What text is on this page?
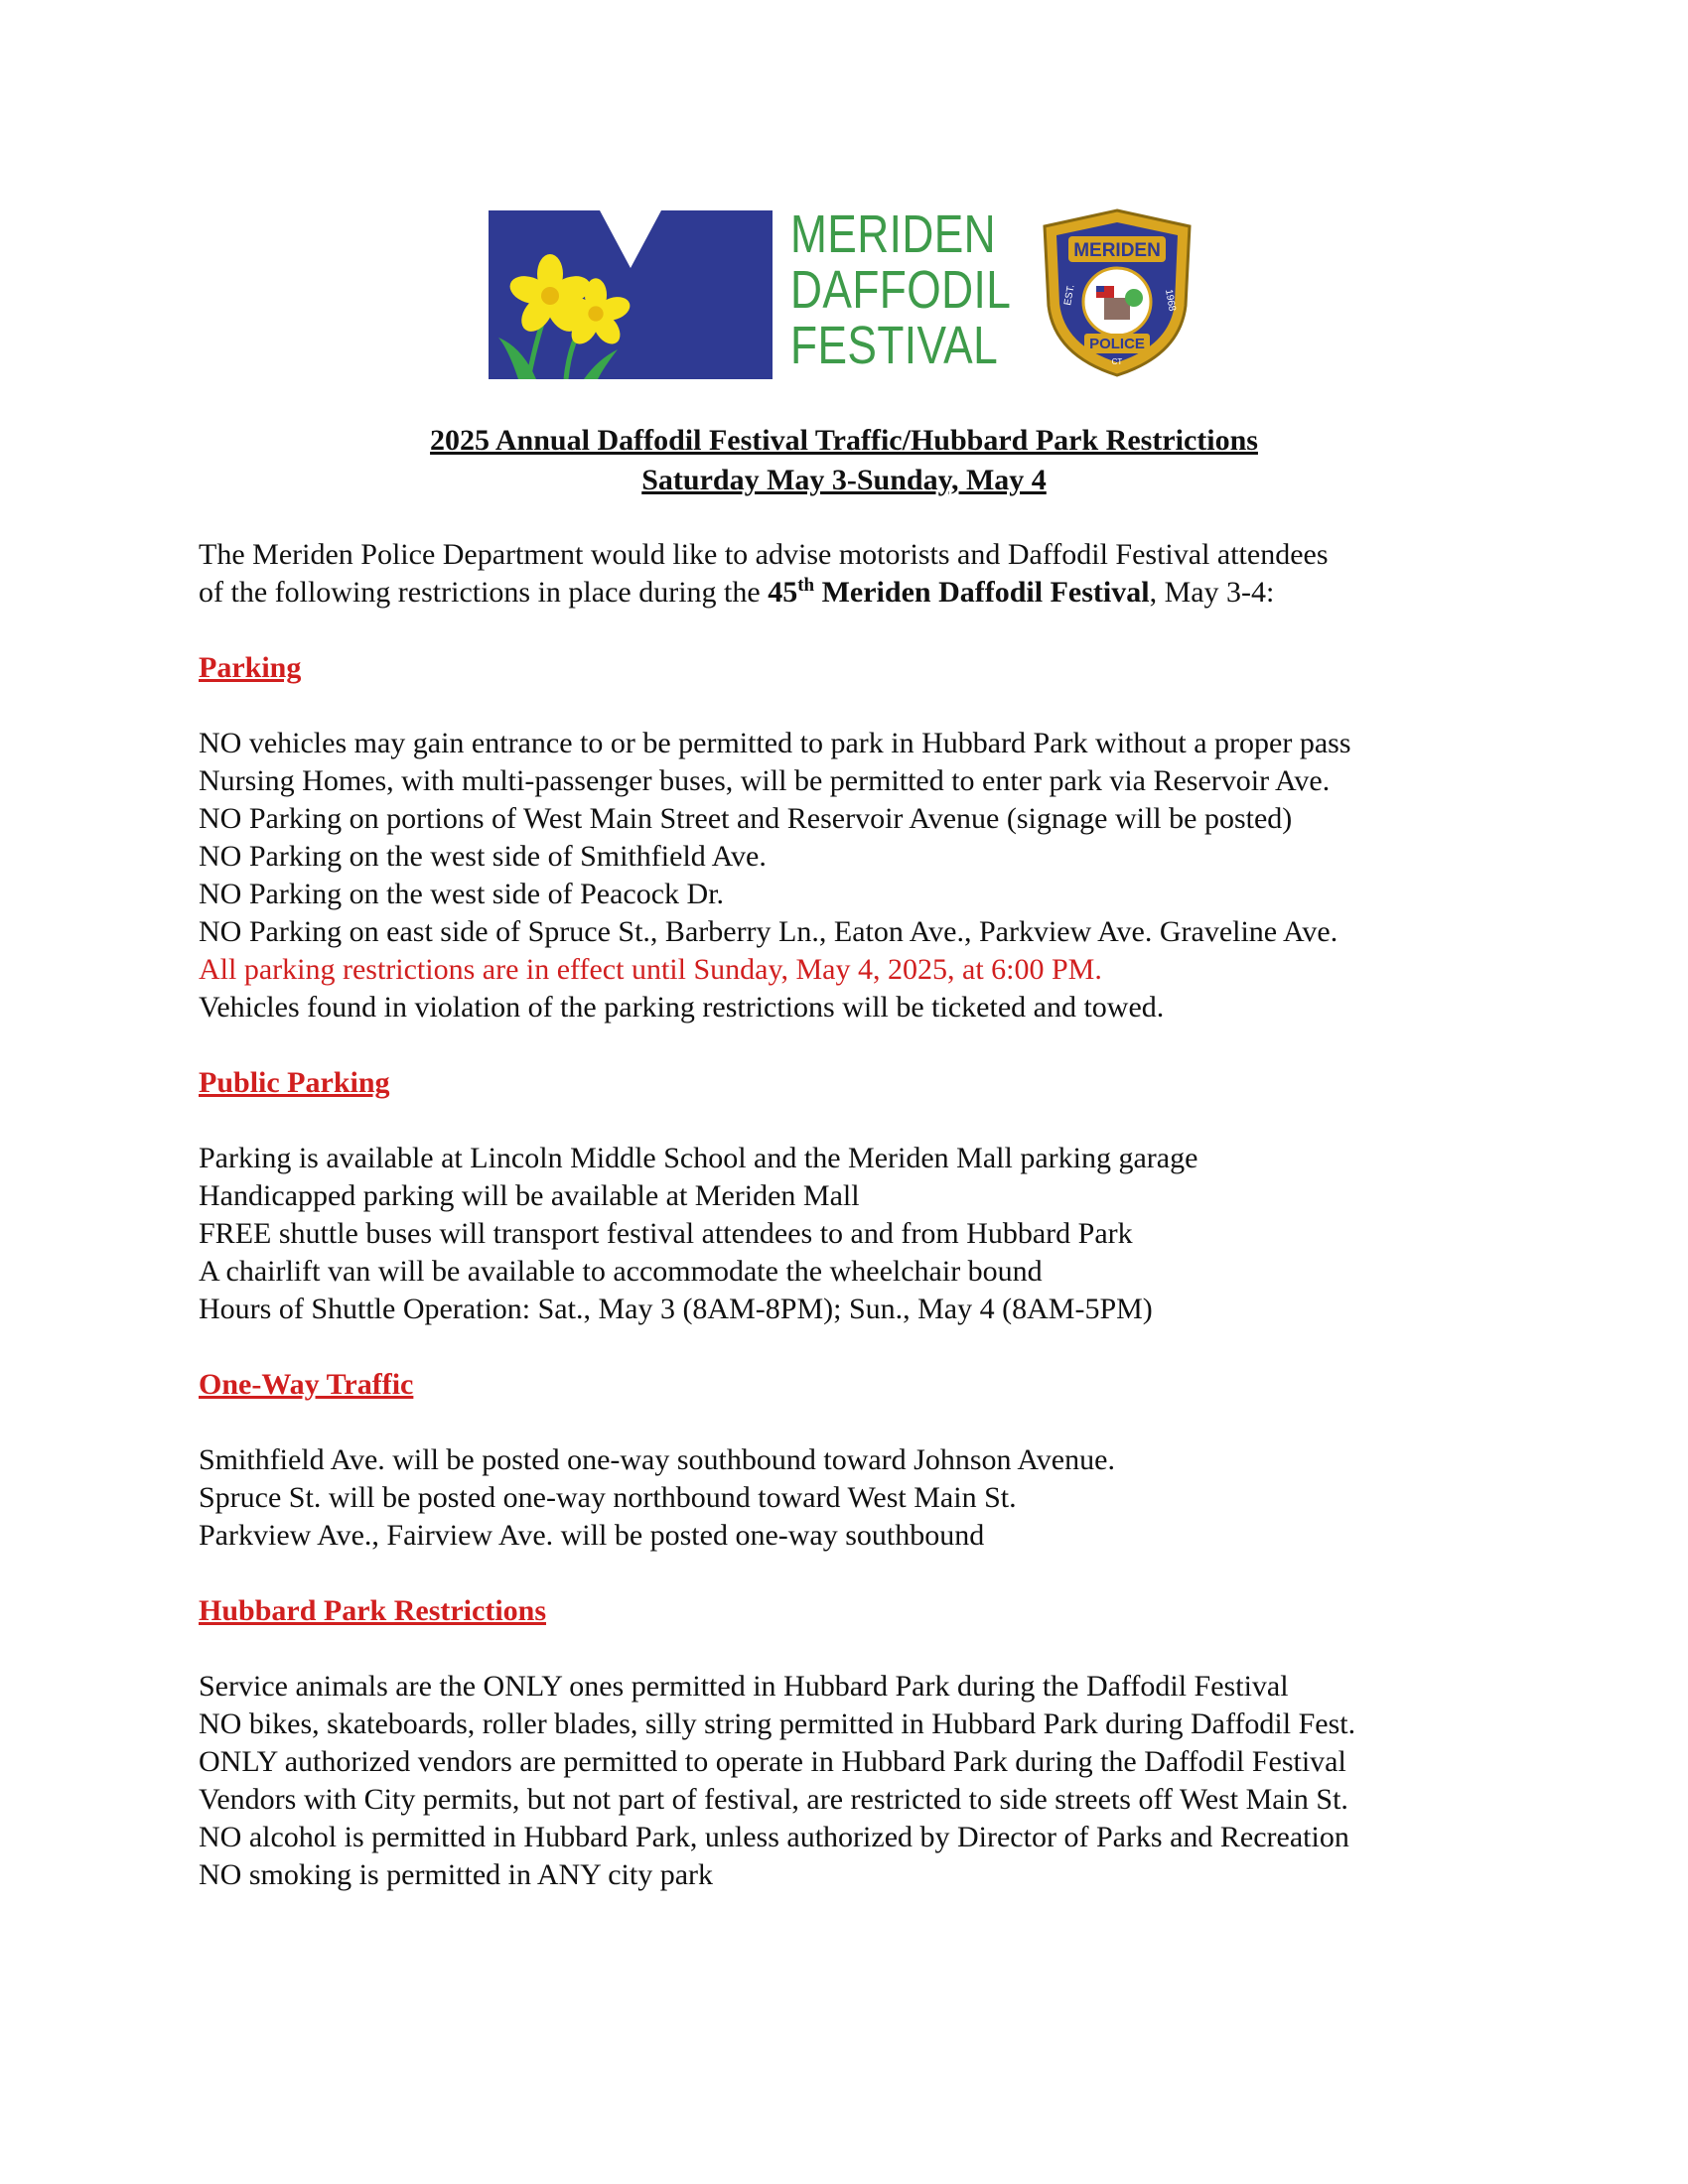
MERIDEN
DAFFODIL
FESTIVAL
MERIDEN
EST.	1968
POLICE
CT
2025 Annual Daffodil Festival Traffic/Hubbard Park Restrictions
Saturday May 3-Sunday, May 4
The Meriden Police Department would like to advise motorists and Daffodil Festival attendees
of the following restrictions in place during the 45th Meriden Daffodil Festival, May 3-4:
Parking
NO vehicles may gain entrance to or be permitted to park in Hubbard Park without a proper pass
Nursing Homes, with multi-passenger buses, will be permitted to enter park via Reservoir Ave.
NO Parking on portions of West Main Street and Reservoir Avenue (signage will be posted)
NO Parking on the west side of Smithfield Ave.
NO Parking on the west side of Peacock Dr.
NO Parking on east side of Spruce St., Barberry Ln., Eaton Ave., Parkview Ave. Graveline Ave.
All parking restrictions are in effect until Sunday, May 4, 2025, at 6:00 PM.
Vehicles found in violation of the parking restrictions will be ticketed and towed.
Public Parking
Parking is available at Lincoln Middle School and the Meriden Mall parking garage
Handicapped parking will be available at Meriden Mall
FREE shuttle buses will transport festival attendees to and from Hubbard Park
A chairlift van will be available to accommodate the wheelchair bound
Hours of Shuttle Operation: Sat., May 3 (8AM-8PM); Sun., May 4 (8AM-5PM)
One-Way Traffic
Smithfield Ave. will be posted one-way southbound toward Johnson Avenue.
Spruce St. will be posted one-way northbound toward West Main St.
Parkview Ave., Fairview Ave. will be posted one-way southbound
Hubbard Park Restrictions
Service animals are the ONLY ones permitted in Hubbard Park during the Daffodil Festival
NO bikes, skateboards, roller blades, silly string permitted in Hubbard Park during Daffodil Fest.
ONLY authorized vendors are permitted to operate in Hubbard Park during the Daffodil Festival
Vendors with City permits, but not part of festival, are restricted to side streets off West Main St.
NO alcohol is permitted in Hubbard Park, unless authorized by Director of Parks and Recreation
NO smoking is permitted in ANY city park
